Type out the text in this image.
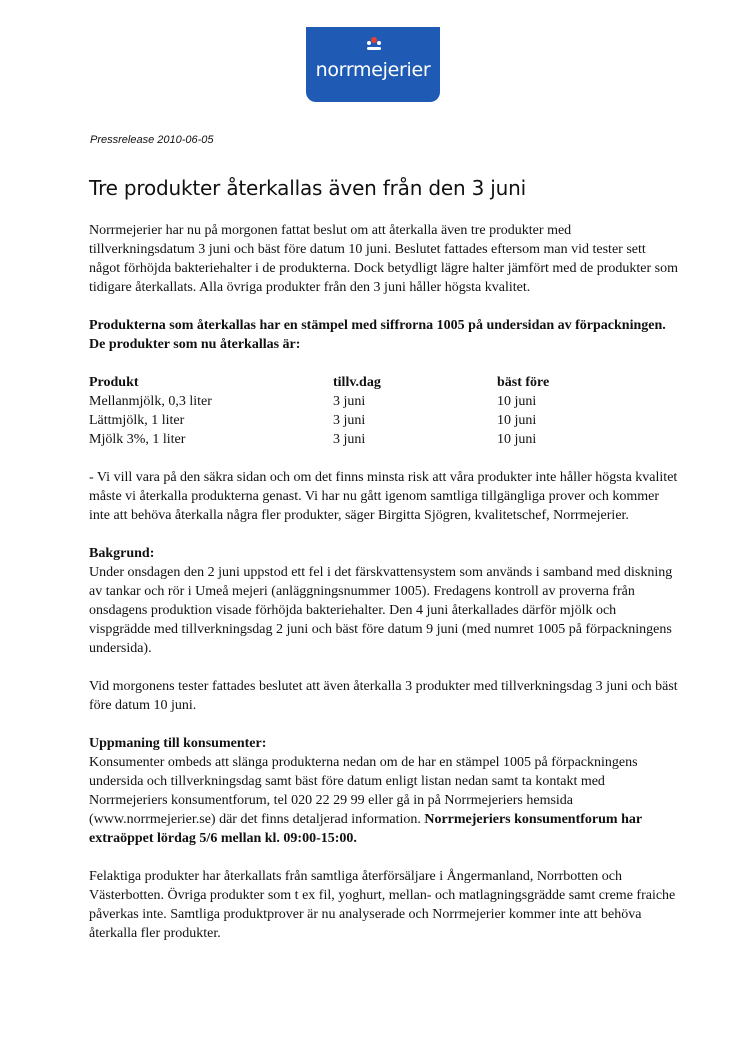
norrmejerier
Pressrelease 2010-06-05
Tre produkter återkallas även från den 3 juni

Norrmejerier har nu på morgonen fattat beslut om att återkalla även tre produkter med tillverkningsdatum 3 juni och bäst före datum 10 juni. Beslutet fattades eftersom man vid tester sett något förhöjda bakteriehalter i de produkterna. Dock betydligt lägre halter jämfört med de produkter som tidigare återkallats. Alla övriga produkter från den 3 juni håller högsta kvalitet.

Produkterna som återkallas har en stämpel med siffrorna 1005 på undersidan av förpackningen. De produkter som nu återkallas är:

Produkt	tillv.dag	bäst före
Mellanmjölk, 0,3 liter	3 juni	10 juni
Lättmjölk, 1 liter	3 juni	10 juni
Mjölk 3%, 1 liter	3 juni	10 juni

- Vi vill vara på den säkra sidan och om det finns minsta risk att våra produkter inte håller högsta kvalitet måste vi återkalla produkterna genast. Vi har nu gått igenom samtliga tillgängliga prover och kommer inte att behöva återkalla några fler produkter, säger Birgitta Sjögren, kvalitetschef, Norrmejerier.

Bakgrund:
Under onsdagen den 2 juni uppstod ett fel i det färskvattensystem som används i samband med diskning av tankar och rör i Umeå mejeri (anläggningsnummer 1005). Fredagens kontroll av proverna från onsdagens produktion visade förhöjda bakteriehalter. Den 4 juni återkallades därför mjölk och vispgrädde med tillverkningsdag 2 juni och bäst före datum 9 juni (med numret 1005 på förpackningens undersida).

Vid morgonens tester fattades beslutet att även återkalla 3 produkter med tillverkningsdag 3 juni och bäst före datum 10 juni.

Uppmaning till konsumenter:
Konsumenter ombeds att slänga produkterna nedan om de har en stämpel 1005 på förpackningens undersida och tillverkningsdag samt bäst före datum enligt listan nedan samt ta kontakt med Norrmejeriers konsumentforum, tel 020 22 29 99 eller gå in på Norrmejeriers hemsida (www.norrmejerier.se) där det finns detaljerad information. Norrmejeriers konsumentforum har extraöppet lördag 5/6 mellan kl. 09:00-15:00.

Felaktiga produkter har återkallats från samtliga återförsäljare i Ångermanland, Norrbotten och Västerbotten. Övriga produkter som t ex fil, yoghurt, mellan- och matlagningsgrädde samt creme fraiche påverkas inte. Samtliga produktprover är nu analyserade och Norrmejerier kommer inte att behöva återkalla fler produkter.
